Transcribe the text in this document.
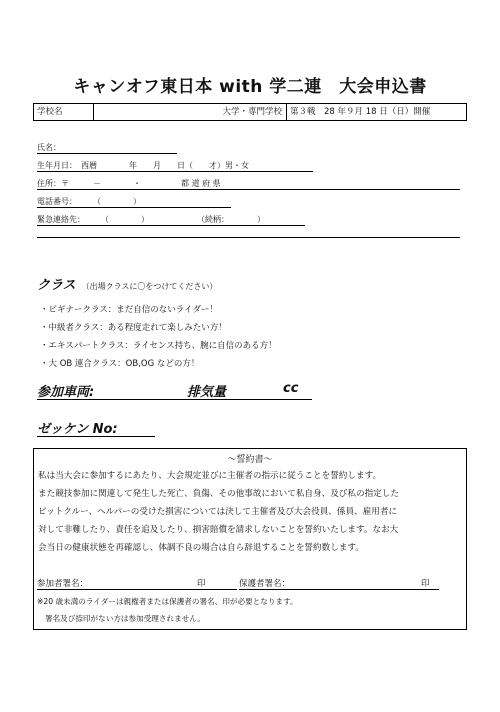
キャンオフ東日本 with 学二連　大会申込書
学校名	大学・専門学校 第３戦　28 年９月 18 日（日）開催
氏名：
生年月日：　西暦　　　　年　　月　　日（　　才）男・女
住所：〒　　　－　　　　・　　　　　都 道 府 県
電話番号：　　　（　　　　）
緊急連絡先：　　　（　　　　）　　　　　　　（続柄：　　　　）
クラス （出場クラスに〇をつけてください）
・ビギナークラス：まだ自信のないライダー！
・中級者クラス：ある程度走れて楽しみたい方！
・エキスパートクラス：ライセンス持ち、腕に自信のある方！
・大 OB 連合クラス：OB,OG などの方！
参加車両:	排気量	cc
ゼッケン No:
～誓約書～
私は当大会に参加するにあたり、大会規定並びに主催者の指示に従うことを誓約します。
また競技参加に関連して発生した死亡、負傷、その他事故において私自身、及び私の指定した
ピットクルー、ヘルパーの受けた損害については決して主催者及び大会役員、係員、雇用者に
対して非難したり、責任を追及したり、損害賠償を請求しないことを誓約いたします。なお大
会当日の健康状態を再確認し、体調不良の場合は自ら辞退することを誓約数します。
参加者署名：	印	保護者署名：	印
※20 歳未満のライダーは親権者または保護者の署名、印が必要となります。
署名及び捺印がない方は参加受理されません。
